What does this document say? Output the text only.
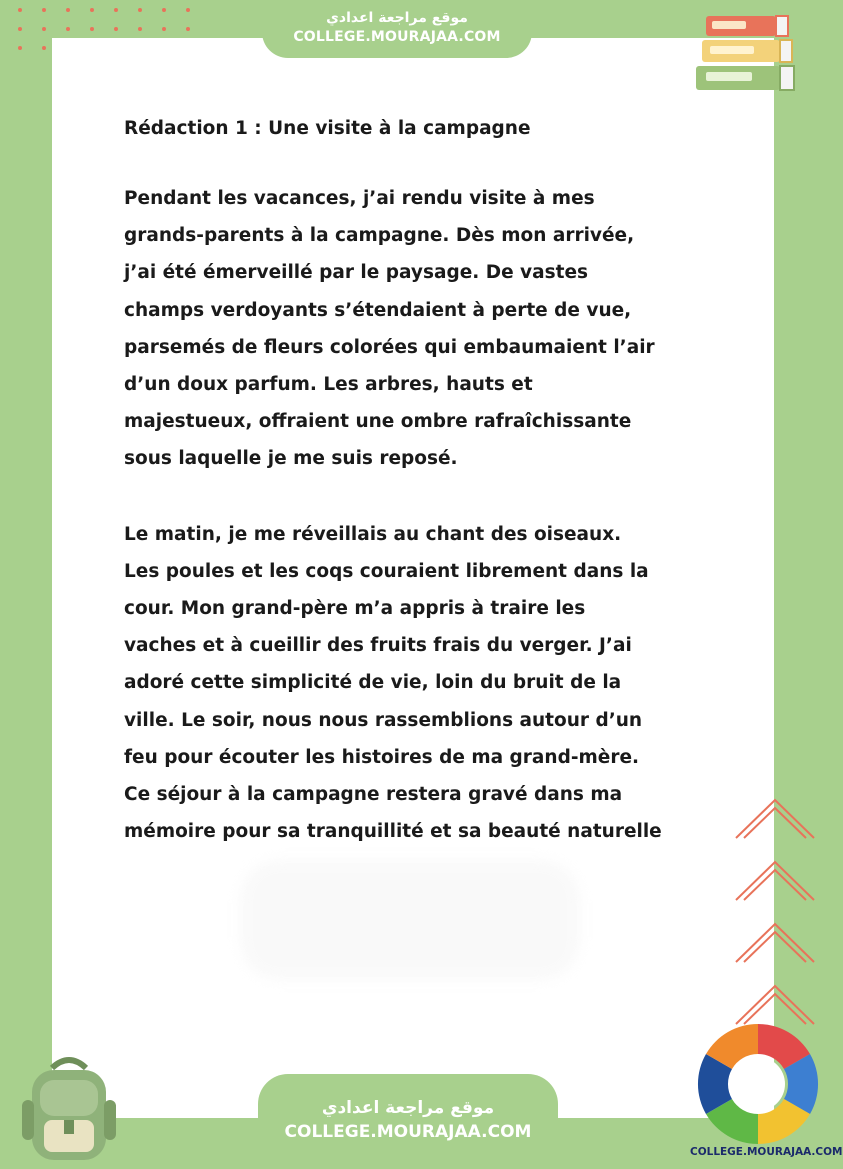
موقع مراجعة اعدادي
COLLEGE.MOURAJAA.COM
Rédaction 1 : Une visite à la campagne
Pendant les vacances, j’ai rendu visite à mes
grands-parents à la campagne. Dès mon arrivée,
j’ai été émerveillé par le paysage. De vastes
champs verdoyants s’étendaient à perte de vue,
parsemés de fleurs colorées qui embaumaient l’air
d’un doux parfum. Les arbres, hauts et
majestueux, offraient une ombre rafraîchissante
sous laquelle je me suis reposé.
Le matin, je me réveillais au chant des oiseaux.
Les poules et les coqs couraient librement dans la
cour. Mon grand-père m’a appris à traire les
vaches et à cueillir des fruits frais du verger. J’ai
adoré cette simplicité de vie, loin du bruit de la
ville. Le soir, nous nous rassemblions autour d’un
feu pour écouter les histoires de ma grand-mère.
Ce séjour à la campagne restera gravé dans ma
mémoire pour sa tranquillité et sa beauté naturelle
موقع مراجعة اعدادي
COLLEGE.MOURAJAA.COM
COLLEGE.MOURAJAA.COM
